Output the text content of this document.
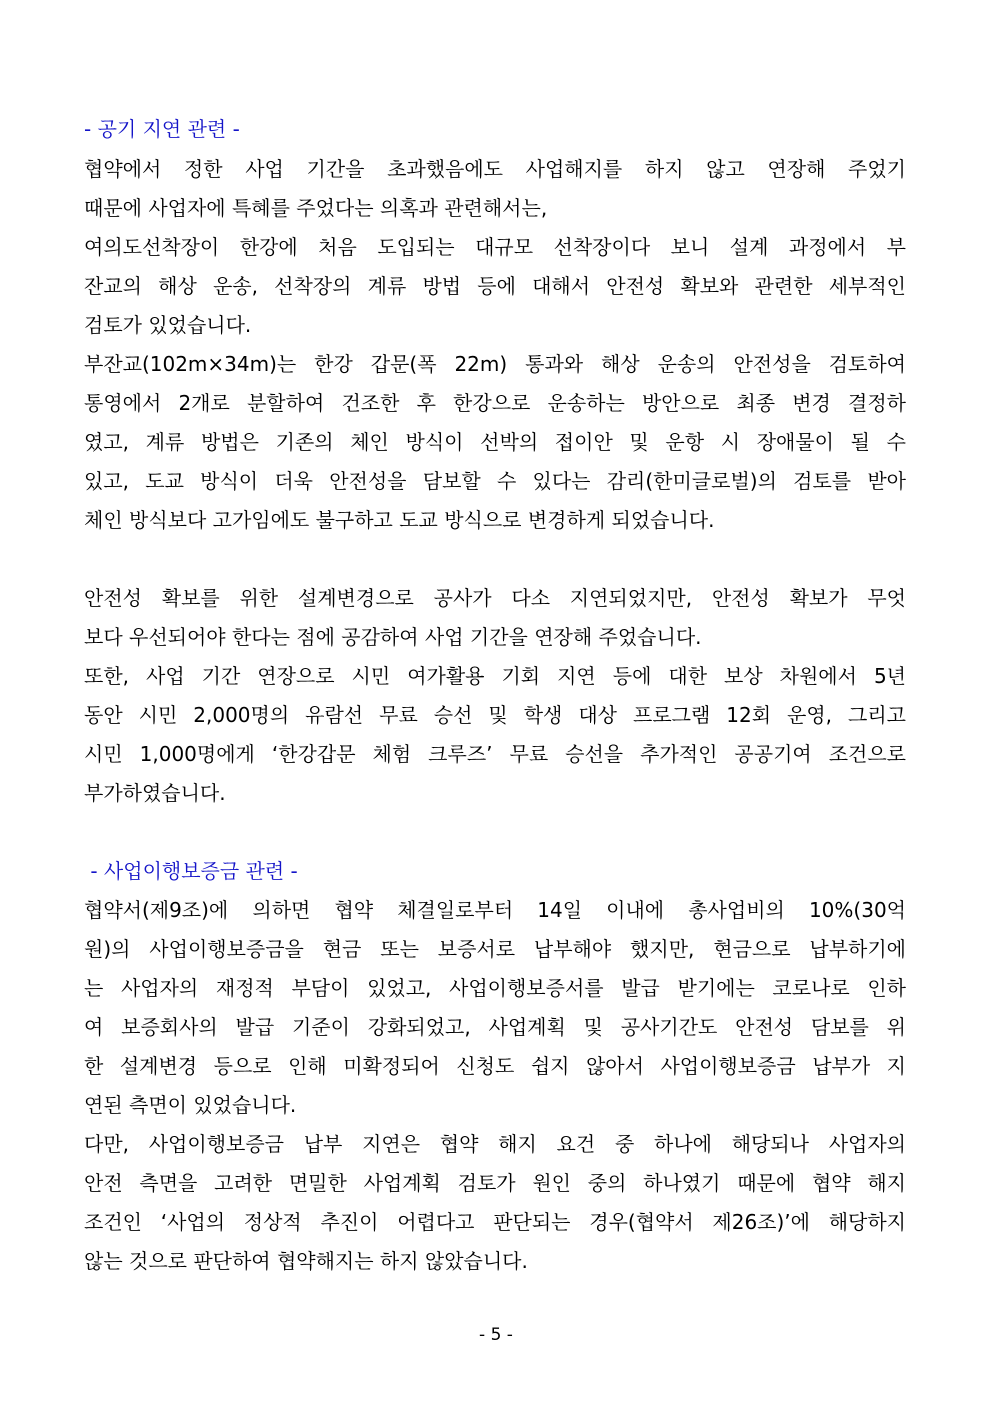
- 공기 지연 관련 -
협약에서 정한 사업 기간을 초과했음에도 사업해지를 하지 않고 연장해 주었기
때문에 사업자에 특혜를 주었다는 의혹과 관련해서는,
여의도선착장이 한강에 처음 도입되는 대규모 선착장이다 보니 설계 과정에서 부
잔교의 해상 운송, 선착장의 계류 방법 등에 대해서 안전성 확보와 관련한 세부적인
검토가 있었습니다.
부잔교(102m×34m)는 한강 갑문(폭 22m) 통과와 해상 운송의 안전성을 검토하여
통영에서 2개로 분할하여 건조한 후 한강으로 운송하는 방안으로 최종 변경 결정하
였고, 계류 방법은 기존의 체인 방식이 선박의 접이안 및 운항 시 장애물이 될 수
있고, 도교 방식이 더욱 안전성을 담보할 수 있다는 감리(한미글로벌)의 검토를 받아
체인 방식보다 고가임에도 불구하고 도교 방식으로 변경하게 되었습니다.
안전성 확보를 위한 설계변경으로 공사가 다소 지연되었지만, 안전성 확보가 무엇
보다 우선되어야 한다는 점에 공감하여 사업 기간을 연장해 주었습니다.
또한, 사업 기간 연장으로 시민 여가활용 기회 지연 등에 대한 보상 차원에서 5년
동안 시민 2,000명의 유람선 무료 승선 및 학생 대상 프로그램 12회 운영, 그리고
시민 1,000명에게 ‘한강갑문 체험 크루즈’ 무료 승선을 추가적인 공공기여 조건으로
부가하였습니다.
- 사업이행보증금 관련 -
협약서(제9조)에 의하면 협약 체결일로부터 14일 이내에 총사업비의 10%(30억
원)의 사업이행보증금을 현금 또는 보증서로 납부해야 했지만, 현금으로 납부하기에
는 사업자의 재정적 부담이 있었고, 사업이행보증서를 발급 받기에는 코로나로 인하
여 보증회사의 발급 기준이 강화되었고, 사업계획 및 공사기간도 안전성 담보를 위
한 설계변경 등으로 인해 미확정되어 신청도 쉽지 않아서 사업이행보증금 납부가 지
연된 측면이 있었습니다.
다만, 사업이행보증금 납부 지연은 협약 해지 요건 중 하나에 해당되나 사업자의
안전 측면을 고려한 면밀한 사업계획 검토가 원인 중의 하나였기 때문에 협약 해지
조건인 ‘사업의 정상적 추진이 어렵다고 판단되는 경우(협약서 제26조)’에 해당하지
않는 것으로 판단하여 협약해지는 하지 않았습니다.
- 5 -
